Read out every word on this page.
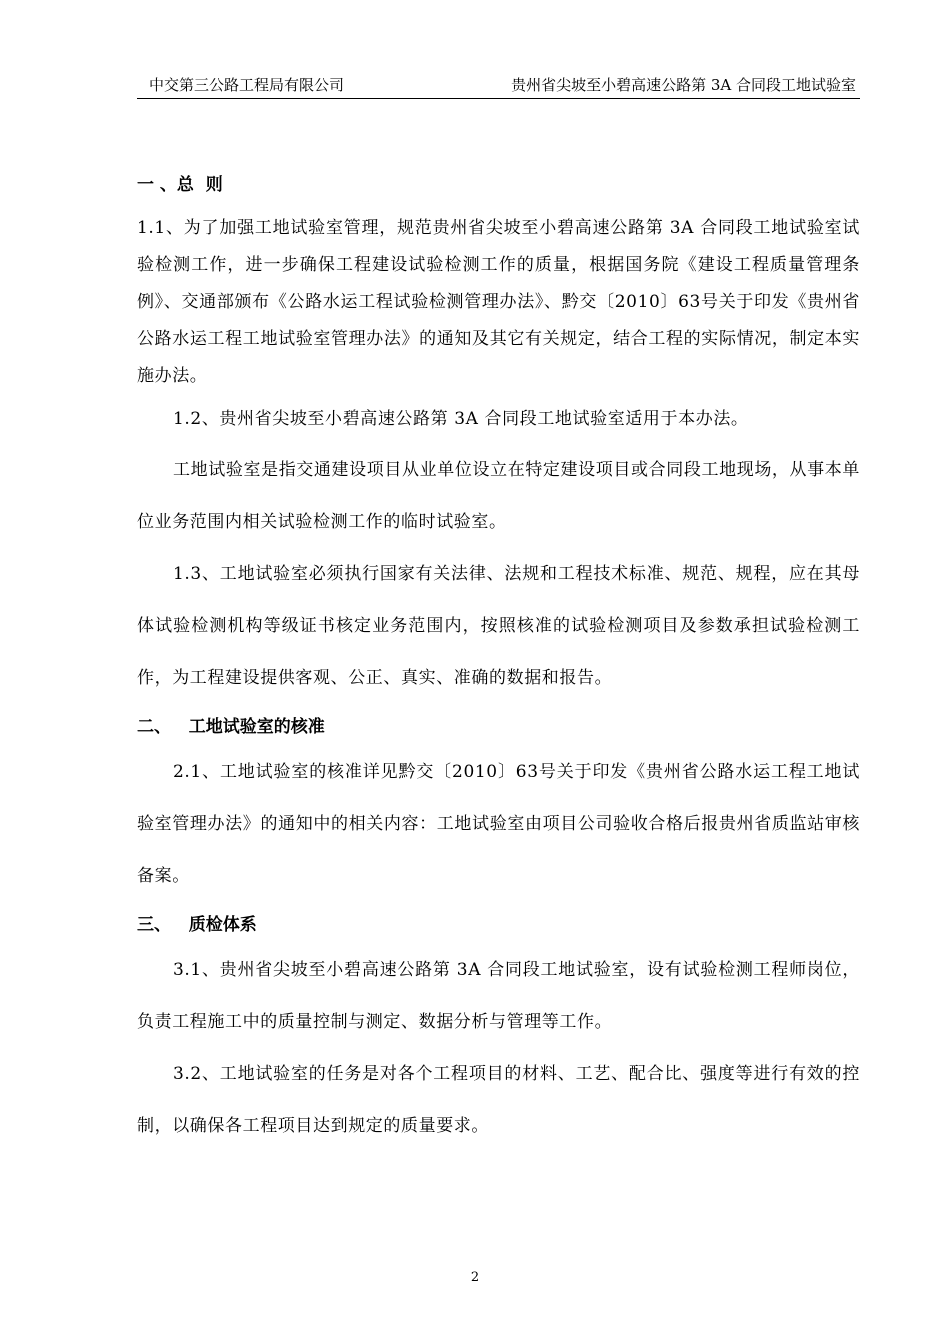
中交第三公路工程局有限公司	贵州省尖坡至小碧高速公路第 3A 合同段工地试验室

一 、总  则

1.1、为了加强工地试验室管理，规范贵州省尖坡至小碧高速公路第 3A 合同段工地试验室试验检测工作，进一步确保工程建设试验检测工作的质量，根据国务院《建设工程质量管理条例》、交通部颁布《公路水运工程试验检测管理办法》、黔交〔2010〕63号关于印发《贵州省公路水运工程工地试验室管理办法》的通知及其它有关规定，结合工程的实际情况，制定本实施办法。

1.2、贵州省尖坡至小碧高速公路第 3A 合同段工地试验室适用于本办法。

工地试验室是指交通建设项目从业单位设立在特定建设项目或合同段工地现场，从事本单位业务范围内相关试验检测工作的临时试验室。

1.3、工地试验室必须执行国家有关法律、法规和工程技术标准、规范、规程，应在其母体试验检测机构等级证书核定业务范围内，按照核准的试验检测项目及参数承担试验检测工作，为工程建设提供客观、公正、真实、准确的数据和报告。

二、   工地试验室的核准

2.1、工地试验室的核准详见黔交〔2010〕63号关于印发《贵州省公路水运工程工地试验室管理办法》的通知中的相关内容：工地试验室由项目公司验收合格后报贵州省质监站审核备案。

三、   质检体系

3.1、贵州省尖坡至小碧高速公路第 3A 合同段工地试验室，设有试验检测工程师岗位，负责工程施工中的质量控制与测定、数据分析与管理等工作。

3.2、工地试验室的任务是对各个工程项目的材料、工艺、配合比、强度等进行有效的控制，以确保各工程项目达到规定的质量要求。

2
